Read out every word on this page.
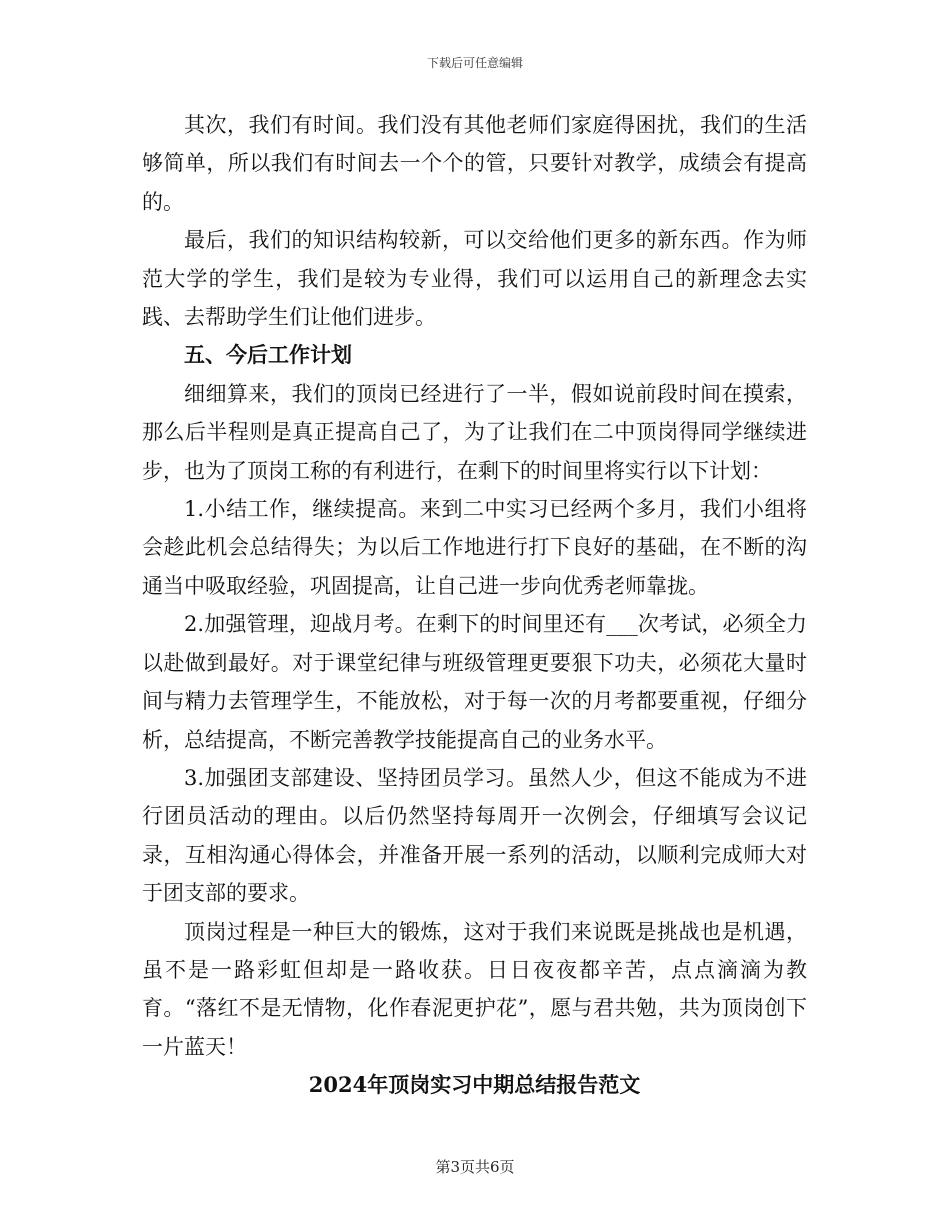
下载后可任意编辑

其次，我们有时间。我们没有其他老师们家庭得困扰，我们的生活够简单，所以我们有时间去一个个的管，只要针对教学，成绩会有提高的。

最后，我们的知识结构较新，可以交给他们更多的新东西。作为师范大学的学生，我们是较为专业得，我们可以运用自己的新理念去实践、去帮助学生们让他们进步。

五、今后工作计划

细细算来，我们的顶岗已经进行了一半，假如说前段时间在摸索，那么后半程则是真正提高自己了，为了让我们在二中顶岗得同学继续进步，也为了顶岗工称的有利进行，在剩下的时间里将实行以下计划：

1.小结工作，继续提高。来到二中实习已经两个多月，我们小组将会趁此机会总结得失；为以后工作地进行打下良好的基础，在不断的沟通当中吸取经验，巩固提高，让自己进一步向优秀老师靠拢。

2.加强管理，迎战月考。在剩下的时间里还有___次考试，必须全力以赴做到最好。对于课堂纪律与班级管理更要狠下功夫，必须花大量时间与精力去管理学生，不能放松，对于每一次的月考都要重视，仔细分析，总结提高，不断完善教学技能提高自己的业务水平。

3.加强团支部建设、坚持团员学习。虽然人少，但这不能成为不进行团员活动的理由。以后仍然坚持每周开一次例会，仔细填写会议记录，互相沟通心得体会，并准备开展一系列的活动，以顺利完成师大对于团支部的要求。

顶岗过程是一种巨大的锻炼，这对于我们来说既是挑战也是机遇，虽不是一路彩虹但却是一路收获。日日夜夜都辛苦，点点滴滴为教育。“落红不是无情物，化作春泥更护花”，愿与君共勉，共为顶岗创下一片蓝天！

2024年顶岗实习中期总结报告范文

第3页共6页
